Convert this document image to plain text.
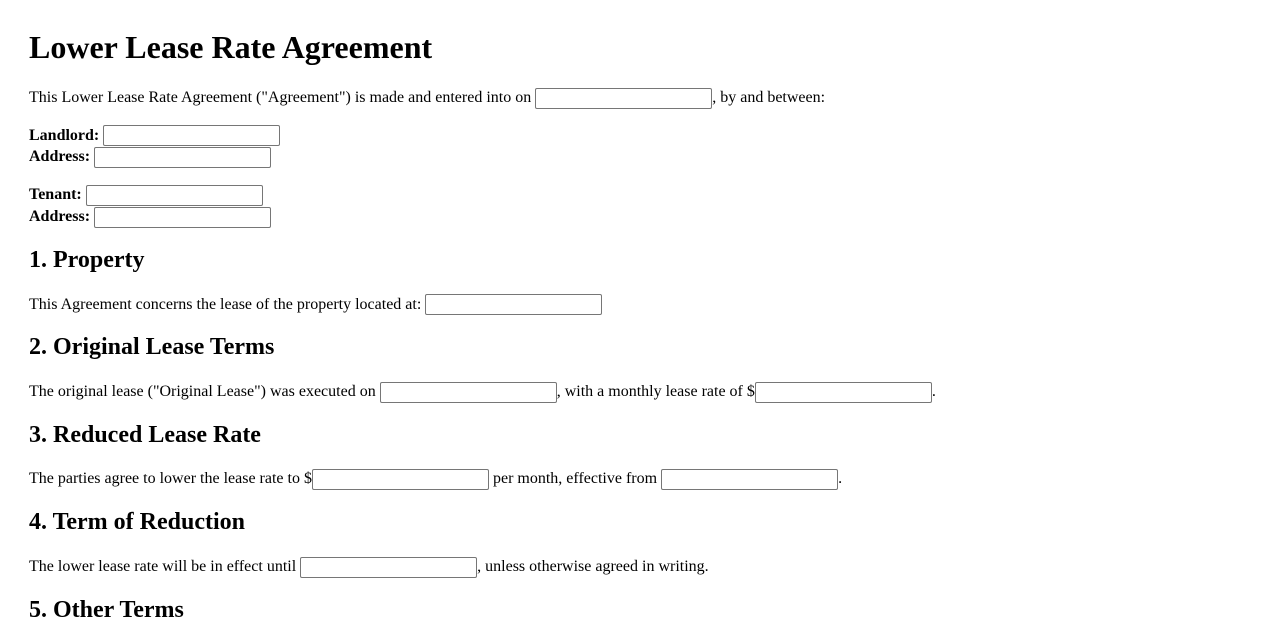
Lower Lease Rate Agreement

This Lower Lease Rate Agreement ("Agreement") is made and entered into on	, by and between:

Landlord:
Address:

Tenant:
Address:

1. Property

This Agreement concerns the lease of the property located at:

2. Original Lease Terms

The original lease ("Original Lease") was executed on	, with a monthly lease rate of $	.

3. Reduced Lease Rate

The parties agree to lower the lease rate to $	per month, effective from	.

4. Term of Reduction

The lower lease rate will be in effect until	, unless otherwise agreed in writing.

5. Other Terms
